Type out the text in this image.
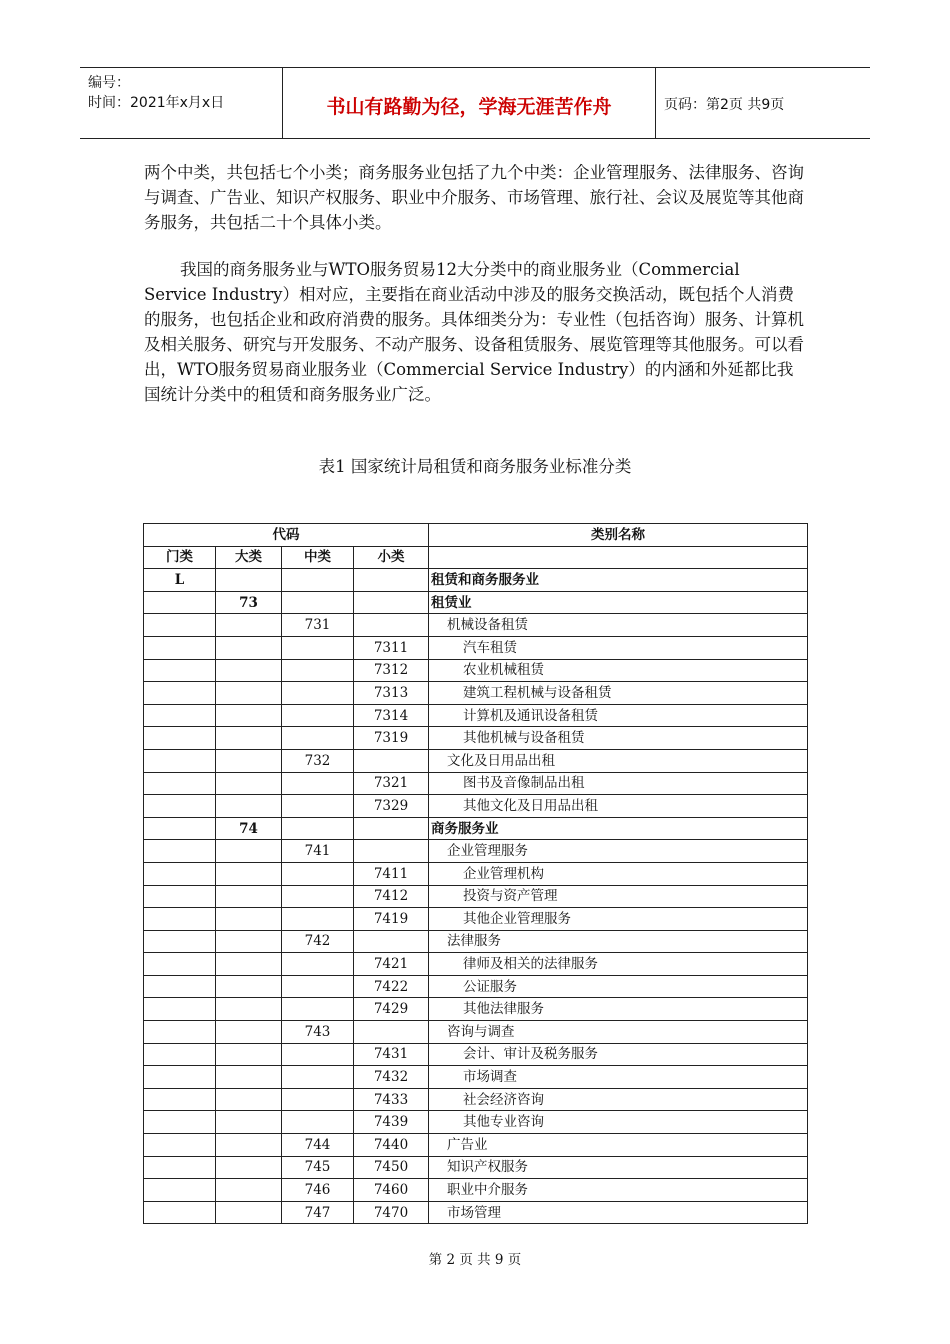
编号：
时间：2021年x月x日	书山有路勤为径，学海无涯苦作舟	页码：第2页 共9页
两个中类，共包括七个小类；商务服务业包括了九个中类：企业管理服务、法律服务、咨询与调查、广告业、知识产权服务、职业中介服务、市场管理、旅行社、会议及展览等其他商务服务，共包括二十个具体小类。
我国的商务服务业与WTO服务贸易12大分类中的商业服务业（Commercial Service Industry）相对应，主要指在商业活动中涉及的服务交换活动，既包括个人消费的服务，也包括企业和政府消费的服务。具体细类分为：专业性（包括咨询）服务、计算机及相关服务、研究与开发服务、不动产服务、设备租赁服务、展览管理等其他服务。可以看出，WTO服务贸易商业服务业（Commercial Service Industry）的内涵和外延都比我国统计分类中的租赁和商务服务业广泛。
表1 国家统计局租赁和商务服务业标准分类
代码				类别名称
门类	大类	中类	小类	
L				租赁和商务服务业
	73			租赁业
		731		机械设备租赁
			7311	汽车租赁
			7312	农业机械租赁
			7313	建筑工程机械与设备租赁
			7314	计算机及通讯设备租赁
			7319	其他机械与设备租赁
		732		文化及日用品出租
			7321	图书及音像制品出租
			7329	其他文化及日用品出租
	74			商务服务业
		741		企业管理服务
			7411	企业管理机构
			7412	投资与资产管理
			7419	其他企业管理服务
		742		法律服务
			7421	律师及相关的法律服务
			7422	公证服务
			7429	其他法律服务
		743		咨询与调查
			7431	会计、审计及税务服务
			7432	市场调查
			7433	社会经济咨询
			7439	其他专业咨询
		744	7440	广告业
		745	7450	知识产权服务
		746	7460	职业中介服务
		747	7470	市场管理
第 2 页 共 9 页
